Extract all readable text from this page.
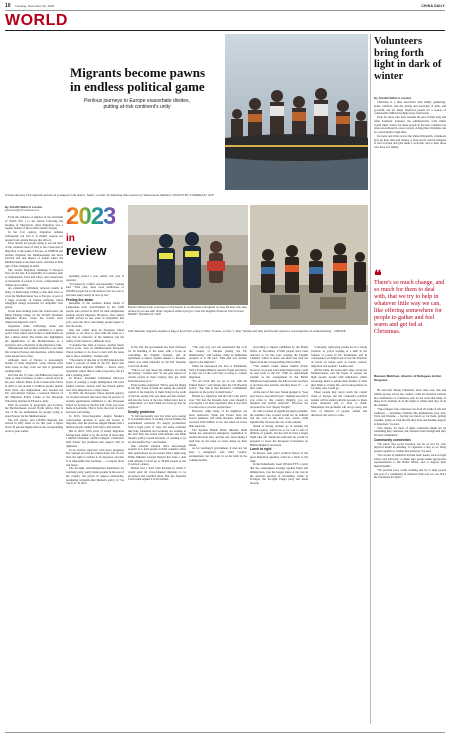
10 Tuesday, December 26, 2023	CHINA DAILY
WORLD
Migrants become pawns in endless political game
Perilous journeys to Europe exacerbate divides, putting at-risk continent's unity
Volunteers bring forth light in dark of winter
By JULIAN SHEA in London

Christmas is a time associated with family gatherings, home comforts, and the giving and receiving of gifts, and goodwill, but for many displaced people it's a season of considerable difficult feelings away from home.

Even for those who have reached the end of their long and often traumatic journeys, the administrative costs which would likely follow for these people in the host countries are often exacerbated in a new society. A thing like Christmas can be a particularly tough time.

In towns and cities across the United Kingdom, volunteers give up their time and money to help newly arrived refugees to feel at home and give them a welcome, and to help those who have lost family.

❝
There's so much change, and so much for them to deal with, that we try to help in whatever little way we can, like offering somewhere for people to gather and feel warm and get fed at Christmas.
Bassam Mahfouz, director of Refugees Action Kingston

He said that during Christmas, more than ever, this and similar groups across the country could not function without the contribution of volunteers who do the work that many of these local charities do in the depth of winter than they do in the summer.

"The refugees who come here are from all walks of life and traditions — including countries like Afghanistan, Iraq, Iran, Syria and Ukraine — having lost much, so for them, getting together, going on with the life they have and finding support is important," he said.

"Our clients, for most of them, Christmas might not be something they celebrate, but whatever their background they all need community."

Community connection

"We know that social isolation can be as bad for your physical health as smoking 15 cigarettes a day, so we bring people together to combat that isolation," he said.

"Our stories of members include basic needs, such as legal advice and advocacy, to make sure people make appropriate representations to the Home Office, and to support their mental health."

"We provide food, warm clothing and try to help people feel part of a community in whatever little way we can, that's the Christmas for them."

A boat carrying 114 migrants arrives at a seaport in El Hierro, Spain, on Dec 11 following their rescue by Salvamento Maritimo. PHOTO BY CANDELAS / AFP
By JULIAN SHEA in London
julianshea@chinadailyuk.com

From the collapse of empires in the aftermath of World War I to the fallout following the breakup of Yugoslavia, mass migration was a regular feature of life in 20th century Europe.

In the 21st century, migration remains widespread, but now it is mainly reasons not people from outside Europe that drive it.

Even mostly not people dying at sea but most of the countries most of Italy is the crossroads of migration to the south of Europe, as UNHCR and another migrants the Mediterranean the more survival and real impact of transit where the Mediterranean is the main route, and there is little sign of that changing in 2024.

The current migration challenge is Europe's first, not the last. It is instability in countries such as Afghanistan, Syria and Libya, that caused tens of thousands of people to leave, compounded by climate and conflict.

An extensive trafficking network results in many of them being willing to risk their lives to cross the Mediterranean Sea to Europe, as part of a huge economy of human suffering where smugglers charge thousands for simplistic boat places.

In the most striking boats the Sourth-Jaaw, Ne Imma Fleeing refuge on the World's Deadliest Migration Route, routes the world's most dangerous migrants' world.

Organized crime, trafficking, abuse and institutional corruption all contribute to a public policy crisis where dead bodies of individuals are just a minor detail. The Italian also highlighted the significance of the Mediterranean as a navigator and a chronicler of the migration crisis.

Smartphones had enabled Africans to see what life is like in Europe and elsewhere, which makes some people feel to flee.

Although most of Europe is increasingly hostile to mass migration, some nations have been worse as they work out who is genuinely seeking safety.

Over the last 15 years, the Balkan has been the route to their fortresses at quite a steady level in the past. Alfredo Pintar from Conservative News in 2022, it was around 1.2 million people, mainly from Syria, and Afghanistan, who reached the EU, said Alberto Soriano, a research director of the Migration Policy Centre at the European University Institute in Florence, Italy.

With its position of geography and location, the Mediterranean toward North Africa, Italy is one of the top destinations for people trying to enter Europe via the Mediterranean.

The UN agency said 150,000 migrants had arrived in Italy alone so far this year, a figure about 50 percent higher than in the corresponding period a year earlier.

2023
in
review

spending period a year earlier, this year is reported.

"It's fueled by conflict and inequality," Geddes said. "This year, there were predictions of 200,000 people but as the winter is not yet over, it has been really nearly in our top list."

Feeling the strain

Residents of the southern Italian island of Lampedusa were overwhelmed by the 7,000 people who arrived in 2023 for their enlightened attitude toward migrants. However, after almost 12,000 arrived in one week in September this year, even the most welcoming people began to feel the strain.

Italy has called upon its European Union partners to do more to deal with the issue in a way that is reflective of the numbers, but the reality of the Union is a different story.

"Countries like Italy at Greece, another major arrival point, such as Mediterranean European Union partners to do more to deal with the issue and to show solidarity," Geddes said.

"The results of this that of 10,000 migrants that some 5 percent of them in the EU know that should share migrants. Within — there's every agreement where there's some proportion, but it's still a sticking point."

In France, President Emmanuel Macron's hopes of passing a tough immigration bill have fuelled policies. Almost half the French public now view migration as a major issue.

In 2023, the European Union Asylum Agency for Asylum showed that more than 50 percent of asylum applications submitted to the European Union by Syrians in the first half of the year were made in Germany. That is twice the level of entry has been welcoming.

In 2015, then-Chancellor Angela Merkel's controversial decision to open the border to migrants, after the previous Angela Merkel said a million people, mainly from Syria, had arrived.

But in 2023, 'with years of steady migration having been added to by the arrival of more than 1 million Ukrainian conflict refugees', Chancellor Olaf Scholz has promised that support will be tightened.

In an October interview with news magazine Der Spiegel, he said he wanted those who do not have the right to remain to be deported, and that 'it is impossible that Germany — to deport more and faster'.

The far-right, anti-immigration Alternative for Germany party, partly made popular in the east of the country, has grown in support nationwide, prompting verbatim after Merkel's policy of "we can do it" in 2015.

Border officers help a woman on the beach in southeastern England on Aug 29 after she was picked up at sea with other migrants while trying to cross the English Channel from France. HENRY NICHOLLS / AFP
Sub-Saharan migrants prepare a bag of food from a ship in Sfax, Tunisia, on Dec 7, after Tunisia and Italy and the EU signed a memorandum of understanding... CIR/AFP

In the UK, the government has been criticized for its handling of the issue, with a focus on controlling the English Channel, and an agreement to deport asylum seekers to Rwanda, which was ruled unlawful by the UK Supreme Court last month.

"This is not just about the numbers. It's about the money," Geddes said. "If one gets support of certain people in their country, they get relief from this issue by it."

Even Geddes explained: "We've seen the things in the UK. Some of them are seeing the political capital of the majority of them living in the north of the UK, seeing who saw them and who doesn't, and also the focus of the idea. Others have had to compromise, so I don't think we'd ever go that far anymore."

Deadly problems

"It isn't necessarily new but what we're seeing is an intensification of feeling toward finding the externalized solutions. It's deeply problematic from a legal point of view, but some countries like Italy, Denmark and Germany are looking at the deal Italy has struck with Albania and Rishi Sunak's policy toward Rwanda, of tackling it by an anti-diseffective," said Steiner.

One political solution that's increasingly popular is to hold people in third countries while their applications are processed. Italy's right-wing Prime Minister Giorgia Meloni has done a deal with Albania to hold up to 36,000 people in the 'reception' centers.

Britain had a 'deal' with Rwanda in which it would send all cross-Channel migrants to be processed and resettled there. But the Supreme Court ruled against it in November.

"The only way you can understand that is in the context of Albania joining the EU membership," said Geddes, citing an immediate prospect of it. He said, "This deal was another signal to the migrants."

When he announced the deal to Parliament, Italy's Foreign Minister Antonio Tajani said that it is only one of the tools Italy is using to counter migration.

"It's not fresh that we are at war with the United States," said Sunak after the UK-Rwanda policy. "The risk is that Rwanda's commitment depends on the policy of small boats."

Britain is a signatory, and the UK Court said it was: "We had the Rwanda deal, even though it was legally a lot more expensive than it was what it would cost to process people here."

However, while many of its neighbors are more restrictive, Spain and France have the lowest numbers, and while Rwanda, which has received £240 million so far, has taken far fewer than expected.

The Spanish British Prime Minister Rishi Sunak has announced emergency legislation to declare Rwanda safe, and has also been taking a hard line on the issue as voters make up their minds.

As for Germany's government, it does not yet have a designated 'safe third country' arrangement, but the topic is on the table in the coming months.

According to figures published by the Home Office in November, 27,000 people have been detected so far this year crossing the English Channel, which is about one-third less than the figure from the corresponding time in 2022.

"The statistic bearly makes fashion threat; however, as people advocating illegal entry, could be sent back to the EU. With no replacement scheme as the arrangement in the Brexit Withdrawal Agreement, the UK now has nowhere to put these new arrivals, and they know it" — so they come.

At the start of this year, Sunak pledged to "pass new laws to stop small boats", making sure that if you come to this country illegally, you are detained and swiftly removed". However the proposed law was "deeply fraught".

Its critics warned of significant legal problems, the numbers who crossed would not be reduced and the cost of the new law, which could significantly increase the cost of the scheme.

Sunak is having another go at passing the Rwanda policy, which has so far cost to tens of millions of pounds, but has still not had a single flight take off. Sunak has indicated he would be prepared to leave the European Convention on Human Rights if necessary.

Lurch to right

In Europe, next year's political fallout of the great migration question could be a lurch to the right.

In the Netherlands, Geert Wilders' PVV, a party that has campaigned strongly against Islam and immigration, won the largest share of the vote in the national election in November, while in Portugal, the far-right Chega party has made inroads.

"Curiously, right-wing parties are in a strong position, so you're looking at a shift in the balance of power in EU institutions, and in consequence we might look across the direction of travel on issues such as border control, migration and asylum," Geddes said.

All the while, the boxes still come, across the Mediterranean, and the hopes of people are high, people, people with cellphones, which encourage them to pursue their dreams of what they think is a better life, and would perhaps be for many who would go.

These people may never reach the capital cities of Europe, but the continent's political leaders will be under political pressure to make some decisions and to stick to them. Meanwhile, the problems will not go away, and lives of millions of people, settled and displaced, the years to come.
